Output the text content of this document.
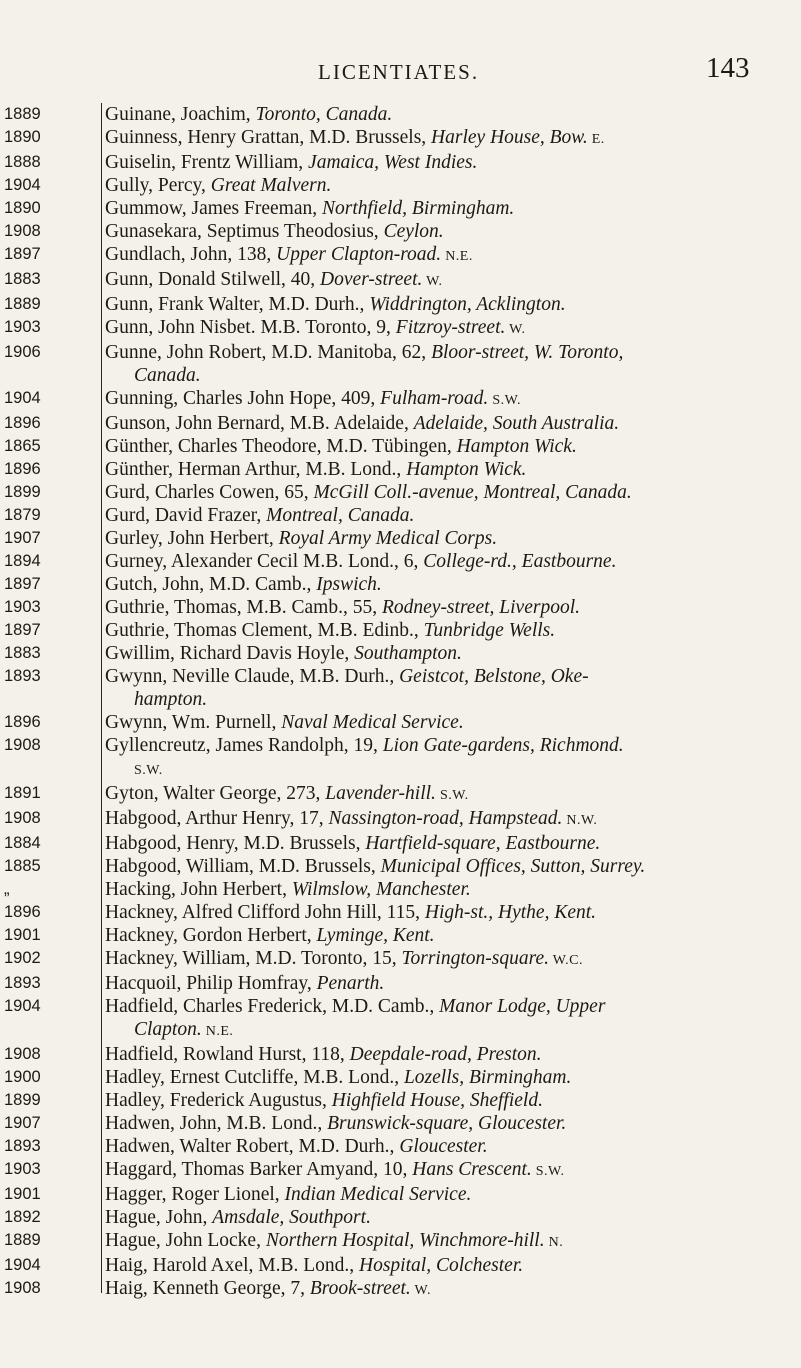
LICENTIATES.	143
1889	Guinane, Joachim, Toronto, Canada.
1890	Guinness, Henry Grattan, M.D. Brussels, Harley House, Bow. E.
1888	Guiselin, Frentz William, Jamaica, West Indies.
1904	Gully, Percy, Great Malvern.
1890	Gummow, James Freeman, Northfield, Birmingham.
1908	Gunasekara, Septimus Theodosius, Ceylon.
1897	Gundlach, John, 138, Upper Clapton-road. N.E.
1883	Gunn, Donald Stilwell, 40, Dover-street. W.
1889	Gunn, Frank Walter, M.D. Durh., Widdrington, Acklington.
1903	Gunn, John Nisbet. M.B. Toronto, 9, Fitzroy-street. W.
1906	Gunne, John Robert, M.D. Manitoba, 62, Bloor-street, W. Toronto,
Canada.
1904	Gunning, Charles John Hope, 409, Fulham-road. S.W.
1896	Gunson, John Bernard, M.B. Adelaide, Adelaide, South Australia.
1865	Günther, Charles Theodore, M.D. Tübingen, Hampton Wick.
1896	Günther, Herman Arthur, M.B. Lond., Hampton Wick.
1899	Gurd, Charles Cowen, 65, McGill Coll.-avenue, Montreal, Canada.
1879	Gurd, David Frazer, Montreal, Canada.
1907	Gurley, John Herbert, Royal Army Medical Corps.
1894	Gurney, Alexander Cecil M.B. Lond., 6, College-rd., Eastbourne.
1897	Gutch, John, M.D. Camb., Ipswich.
1903	Guthrie, Thomas, M.B. Camb., 55, Rodney-street, Liverpool.
1897	Guthrie, Thomas Clement, M.B. Edinb., Tunbridge Wells.
1883	Gwillim, Richard Davis Hoyle, Southampton.
1893	Gwynn, Neville Claude, M.B. Durh., Geistcot, Belstone, Oke-
hampton.
1896	Gwynn, Wm. Purnell, Naval Medical Service.
1908	Gyllencreutz, James Randolph, 19, Lion Gate-gardens, Richmond.
S.W.
1891	Gyton, Walter George, 273, Lavender-hill. S.W.
1908	Habgood, Arthur Henry, 17, Nassington-road, Hampstead. N.W.
1884	Habgood, Henry, M.D. Brussels, Hartfield-square, Eastbourne.
1885	Habgood, William, M.D. Brussels, Municipal Offices, Sutton, Surrey.
„	Hacking, John Herbert, Wilmslow, Manchester.
1896	Hackney, Alfred Clifford John Hill, 115, High-st., Hythe, Kent.
1901	Hackney, Gordon Herbert, Lyminge, Kent.
1902	Hackney, William, M.D. Toronto, 15, Torrington-square. W.C.
1893	Hacquoil, Philip Homfray, Penarth.
1904	Hadfield, Charles Frederick, M.D. Camb., Manor Lodge, Upper
Clapton. N.E.
1908	Hadfield, Rowland Hurst, 118, Deepdale-road, Preston.
1900	Hadley, Ernest Cutcliffe, M.B. Lond., Lozells, Birmingham.
1899	Hadley, Frederick Augustus, Highfield House, Sheffield.
1907	Hadwen, John, M.B. Lond., Brunswick-square, Gloucester.
1893	Hadwen, Walter Robert, M.D. Durh., Gloucester.
1903	Haggard, Thomas Barker Amyand, 10, Hans Crescent. S.W.
1901	Hagger, Roger Lionel, Indian Medical Service.
1892	Hague, John, Amsdale, Southport.
1889	Hague, John Locke, Northern Hospital, Winchmore-hill. N.
1904	Haig, Harold Axel, M.B. Lond., Hospital, Colchester.
1908	Haig, Kenneth George, 7, Brook-street. W.
